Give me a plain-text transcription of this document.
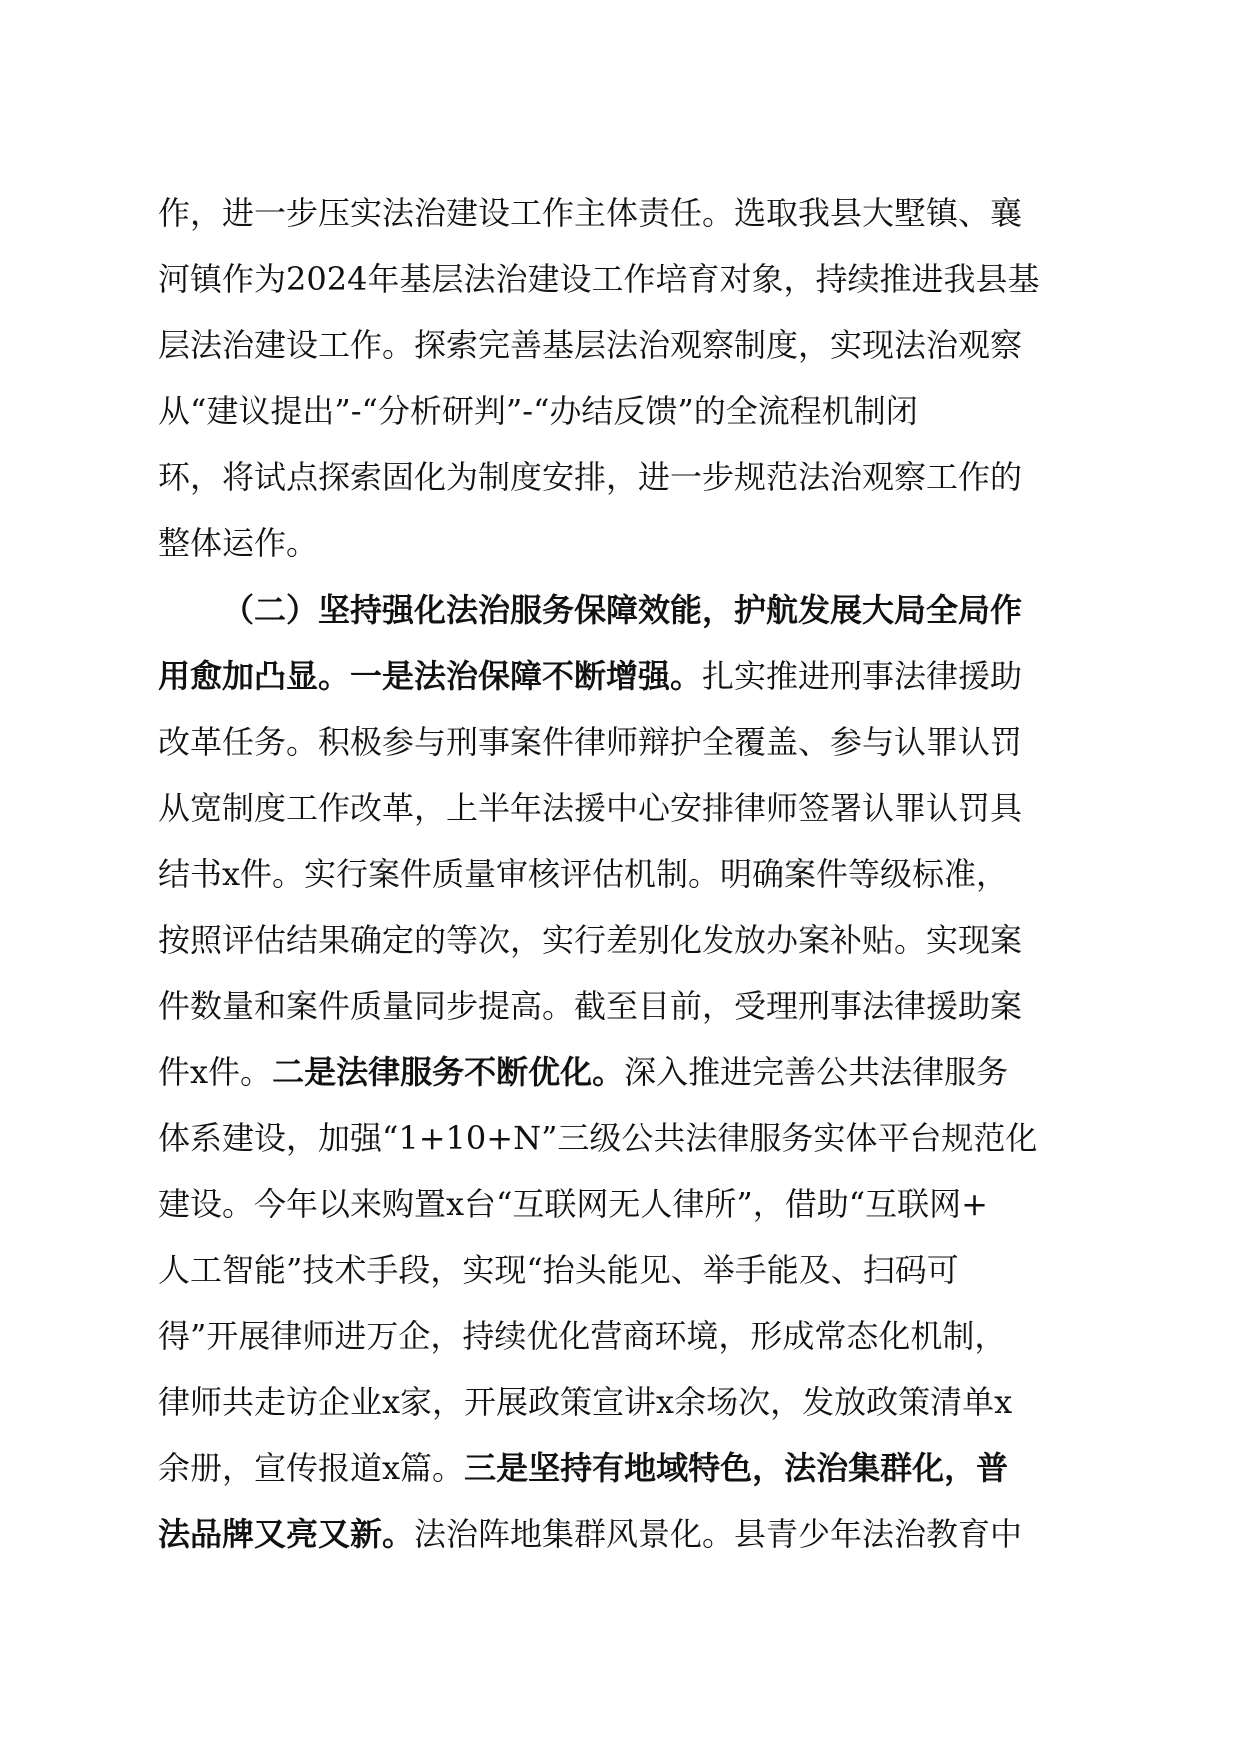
作，进一步压实法治建设工作主体责任。选取我县大墅镇、襄
河镇作为2024年基层法治建设工作培育对象，持续推进我县基
层法治建设工作。探索完善基层法治观察制度，实现法治观察
从“建议提出”-“分析研判”-“办结反馈”的全流程机制闭
环，将试点探索固化为制度安排，进一步规范法治观察工作的
整体运作。
（二）坚持强化法治服务保障效能，护航发展大局全局作
用愈加凸显。一是法治保障不断增强。扎实推进刑事法律援助
改革任务。积极参与刑事案件律师辩护全覆盖、参与认罪认罚
从宽制度工作改革，上半年法援中心安排律师签署认罪认罚具
结书x件。实行案件质量审核评估机制。明确案件等级标准，
按照评估结果确定的等次，实行差别化发放办案补贴。实现案
件数量和案件质量同步提高。截至目前，受理刑事法律援助案
件x件。二是法律服务不断优化。深入推进完善公共法律服务
体系建设，加强“1+10+N”三级公共法律服务实体平台规范化
建设。今年以来购置x台“互联网无人律所”，借助“互联网+
人工智能”技术手段，实现“抬头能见、举手能及、扫码可
得”开展律师进万企，持续优化营商环境，形成常态化机制，
律师共走访企业x家，开展政策宣讲x余场次，发放政策清单x
余册，宣传报道x篇。三是坚持有地域特色，法治集群化，普
法品牌又亮又新。法治阵地集群风景化。县青少年法治教育中
